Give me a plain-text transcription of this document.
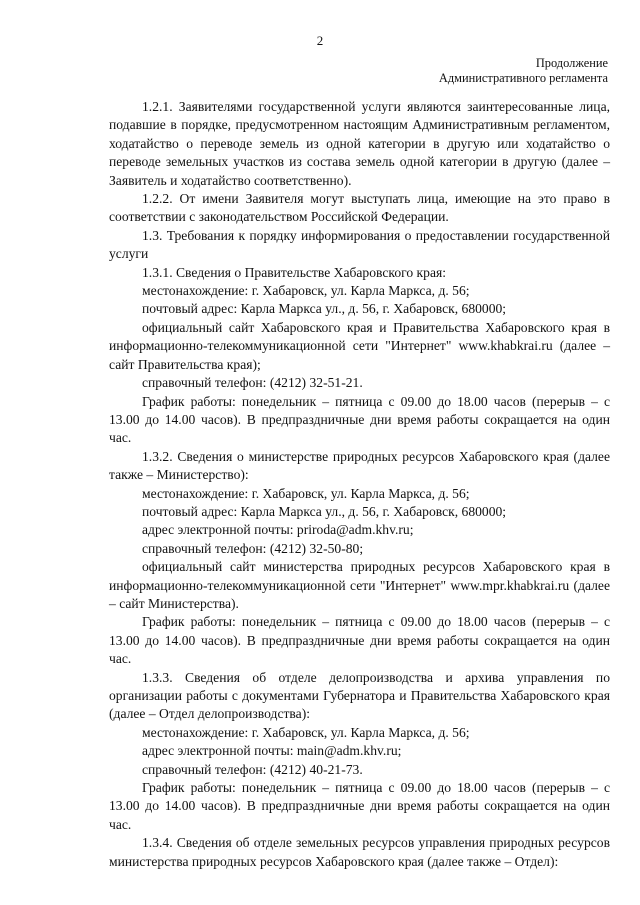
2
Продолжение
Административного регламента

1.2.1. Заявителями государственной услуги являются заинтересованные лица, подавшие в порядке, предусмотренном настоящим Административным регламентом, ходатайство о переводе земель из одной категории в другую или ходатайство о переводе земельных участков из состава земель одной категории в другую (далее – Заявитель и ходатайство соответственно).

1.2.2. От имени Заявителя могут выступать лица, имеющие на это право в соответствии с законодательством Российской Федерации.

1.3. Требования к порядку информирования о предоставлении государственной услуги

1.3.1. Сведения о Правительстве Хабаровского края:

местонахождение: г. Хабаровск, ул. Карла Маркса, д. 56;

почтовый адрес: Карла Маркса ул., д. 56, г. Хабаровск, 680000;

официальный сайт Хабаровского края и Правительства Хабаровского края в информационно-телекоммуникационной сети "Интернет" www.khabkrai.ru (далее – сайт Правительства края);

справочный телефон: (4212) 32-51-21.

График работы: понедельник – пятница с 09.00 до 18.00 часов (перерыв – с 13.00 до 14.00 часов). В предпраздничные дни время работы сокращается на один час.

1.3.2. Сведения о министерстве природных ресурсов Хабаровского края (далее также – Министерство):

местонахождение: г. Хабаровск, ул. Карла Маркса, д. 56;

почтовый адрес: Карла Маркса ул., д. 56, г. Хабаровск, 680000;

адрес электронной почты: priroda@adm.khv.ru;

справочный телефон: (4212) 32-50-80;

официальный сайт министерства природных ресурсов Хабаровского края в информационно-телекоммуникационной сети "Интернет" www.mpr.khabkrai.ru (далее – сайт Министерства).

График работы: понедельник – пятница с 09.00 до 18.00 часов (перерыв – с 13.00 до 14.00 часов). В предпраздничные дни время работы сокращается на один час.

1.3.3. Сведения об отделе делопроизводства и архива управления по организации работы с документами Губернатора и Правительства Хабаровского края (далее – Отдел делопроизводства):

местонахождение: г. Хабаровск, ул. Карла Маркса, д. 56;

адрес электронной почты: main@adm.khv.ru;

справочный телефон: (4212) 40-21-73.

График работы: понедельник – пятница с 09.00 до 18.00 часов (перерыв – с 13.00 до 14.00 часов). В предпраздничные дни время работы сокращается на один час.

1.3.4. Сведения об отделе земельных ресурсов управления природных ресурсов министерства природных ресурсов Хабаровского края (далее также – Отдел):
